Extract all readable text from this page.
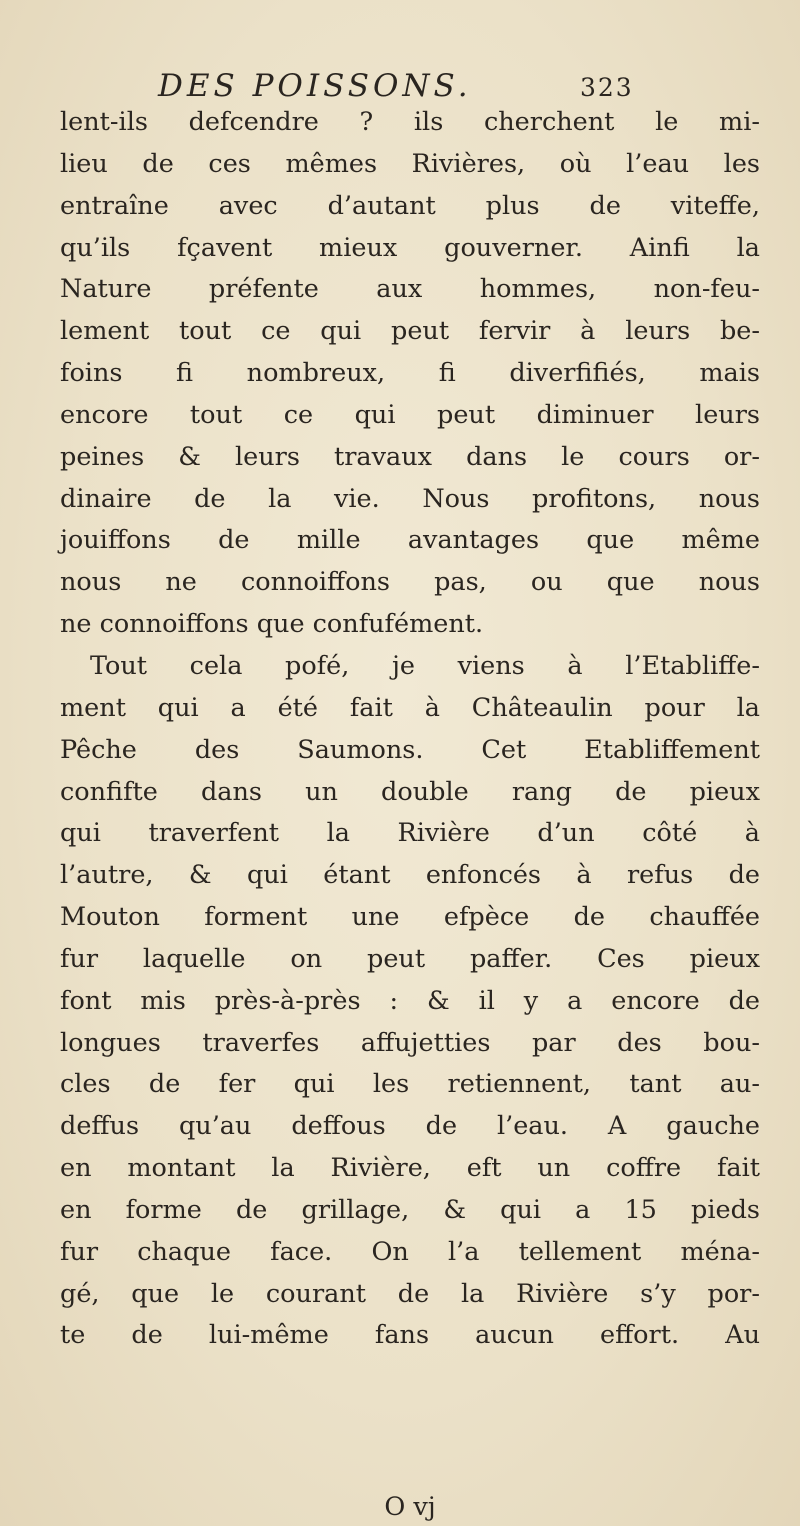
DES POISSONS.	323
lent-ils defcendre ? ils cherchent le mi-
lieu de ces mêmes Rivières, où l’eau les
entraîne avec d’autant plus de viteffe,
qu’ils fçavent mieux gouverner. Ainfi la
Nature préfente aux hommes, non-feu-
lement tout ce qui peut fervir à leurs be-
foins fi nombreux, fi diverfifiés, mais
encore tout ce qui peut diminuer leurs
peines & leurs travaux dans le cours or-
dinaire de la vie. Nous profitons, nous
jouiffons de mille avantages que même
nous ne connoiffons pas, ou que nous
ne connoiffons que confufément.
Tout cela pofé, je viens à l’Etabliffe-
ment qui a été fait à Châteaulin pour la
Pêche des Saumons. Cet Etabliffement
confifte dans un double rang de pieux
qui traverfent la Rivière d’un côté à
l’autre, & qui étant enfoncés à refus de
Mouton forment une efpèce de chauffée
fur laquelle on peut paffer. Ces pieux
font mis près-à-près : & il y a encore de
longues traverfes affujetties par des bou-
cles de fer qui les retiennent, tant au-
deffus qu’au deffous de l’eau. A gauche
en montant la Rivière, eft un coffre fait
en forme de grillage, & qui a 15 pieds
fur chaque face. On l’a tellement ména-
gé, que le courant de la Rivière s’y por-
te de lui-même fans aucun effort. Au
O vj
